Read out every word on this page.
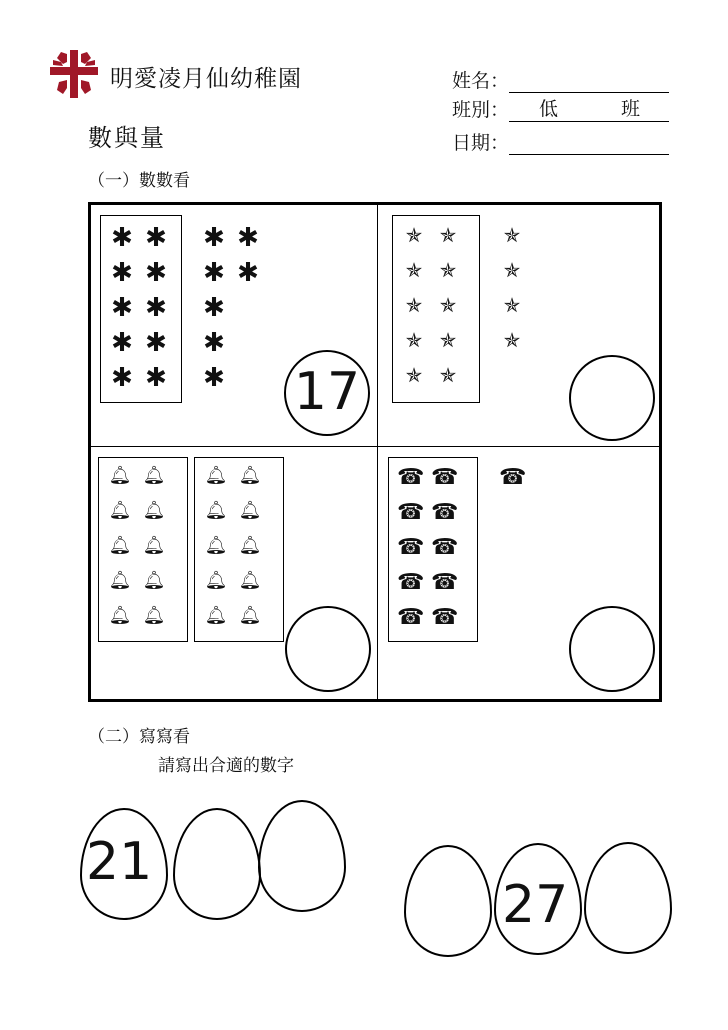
明愛凌月仙幼稚園
數與量
姓名：
班別： 低　班
日期：
（一）數數看
17
✱ ✱
✱ ✱
✱ ✱
✱ ✱
✱ ✱
✱ ✱
✱ ✱
✱
✱
✱
✯ ✯
✯ ✯
✯ ✯
✯ ✯
✯ ✯
✯
✯
✯
✯
🔔︎ 🔔︎ 🔔︎ 🔔︎
🔔︎ 🔔︎ 🔔︎ 🔔︎
🔔︎ 🔔︎ 🔔︎ 🔔︎
🔔︎ 🔔︎ 🔔︎ 🔔︎
🔔︎ 🔔︎ 🔔︎ 🔔︎
☎ ☎
☎ ☎
☎ ☎
☎ ☎
☎ ☎
☎
（二）寫寫看
請寫出合適的數字
21
27
